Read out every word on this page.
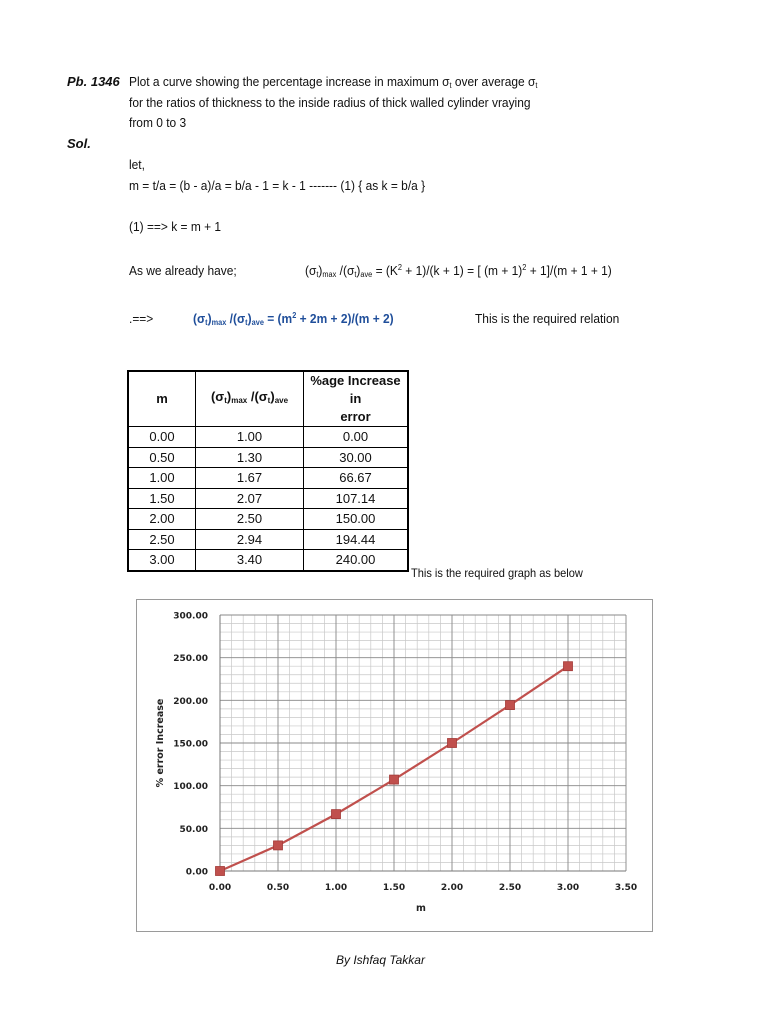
Pb. 1346 Plot a curve showing the percentage increase in maximum $\sigma_t$ over average $\sigma_t$
for the ratios of thickness to the inside radius of thick walled cylinder vraying
from 0 to 3
Sol.
let,
m = t/a = (b - a)/a = b/a - 1 = k - 1 ------- (1) { as k = b/a }
(1) ==> k = m + 1
As we already have;	$(\sigma_t)_{max}$ $/(\sigma_t)_{ave} = (K^2 + 1)/(k + 1)$ = [ $(m + 1)^2 + 1]/(m + 1 + 1)$
.==>	$(\sigma_t)_{max}$ $/(\sigma_t)_{ave} = (m^2 + 2m + 2)/(m + 2)$	This is the required relation
m	$(\sigma_t)_{max}$ $/(\sigma_t)_{ave}$	%age Increase in
error
0.00	1.00	0.00
0.50	1.30	30.00
1.00	1.67	66.67
1.50	2.07	107.14
2.00	2.50	150.00
2.50	2.94	194.44
3.00	3.40	240.00
This is the required graph as below
0.00
50.00
100.00
150.00
200.00
250.00
300.00
0.00	0.50	1.00	1.50	2.00	2.50	3.00	3.50
m
% error Increase
By Ishfaq Takkar
